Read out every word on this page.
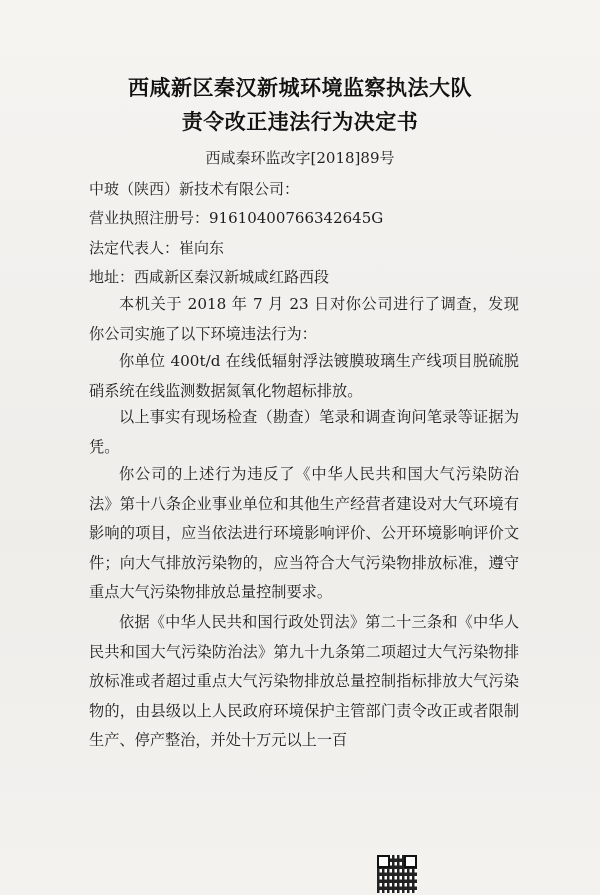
西咸新区秦汉新城环境监察执法大队
责令改正违法行为决定书
西咸秦环监改字[2018]89号
中玻（陕西）新技术有限公司：
营业执照注册号：91610400766342645G
法定代表人：崔向东
地址：西咸新区秦汉新城咸红路西段

本机关于 2018 年 7 月 23 日对你公司进行了调查，发现你公司实施了以下环境违法行为：

你单位 400t/d 在线低辐射浮法镀膜玻璃生产线项目脱硫脱硝系统在线监测数据氮氧化物超标排放。

以上事实有现场检查（勘查）笔录和调查询问笔录等证据为凭。

你公司的上述行为违反了《中华人民共和国大气污染防治法》第十八条企业事业单位和其他生产经营者建设对大气环境有影响的项目，应当依法进行环境影响评价、公开环境影响评价文件；向大气排放污染物的，应当符合大气污染物排放标准，遵守重点大气污染物排放总量控制要求。

依据《中华人民共和国行政处罚法》第二十三条和《中华人民共和国大气污染防治法》第九十九条第二项超过大气污染物排放标准或者超过重点大气污染物排放总量控制指标排放大气污染物的，由县级以上人民政府环境保护主管部门责令改正或者限制生产、停产整治，并处十万元以上一百
